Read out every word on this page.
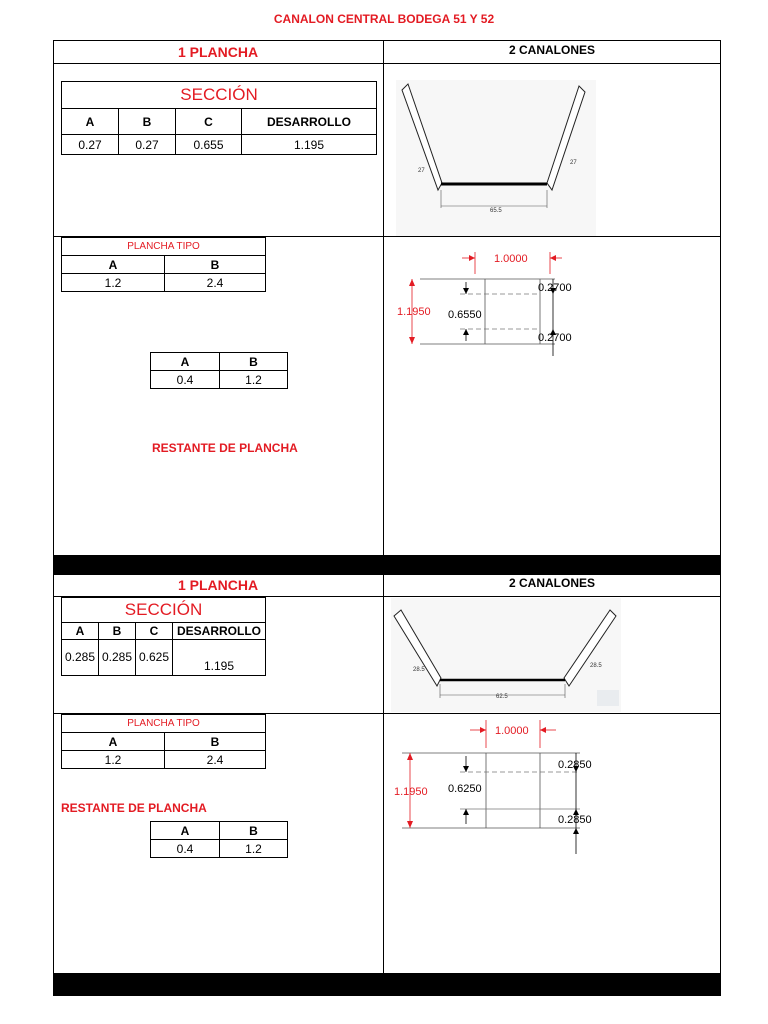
CANALON CENTRAL BODEGA 51 Y 52
1 PLANCHA	2 CANALONES
SECCIÓN			
A	B	C	DESARROLLO
0.27	0.27	0.655	1.195
PLANCHA TIPO	
A	B
1.2	2.4
A	B
0.4	1.2
RESTANTE DE PLANCHA
27
27
65.5
1.0000
1.1950 0.6550
0.2700
0.2700
1 PLANCHA	2 CANALONES
SECCIÓN			
A	B	C	DESARROLLO
0.285	0.285	0.625	1.195
PLANCHA TIPO	
A	B
1.2	2.4
RESTANTE DE PLANCHA
A	B
0.4	1.2
28.5
28.5
62.5
1.0000
1.1950 0.6250
0.2850
0.2850
